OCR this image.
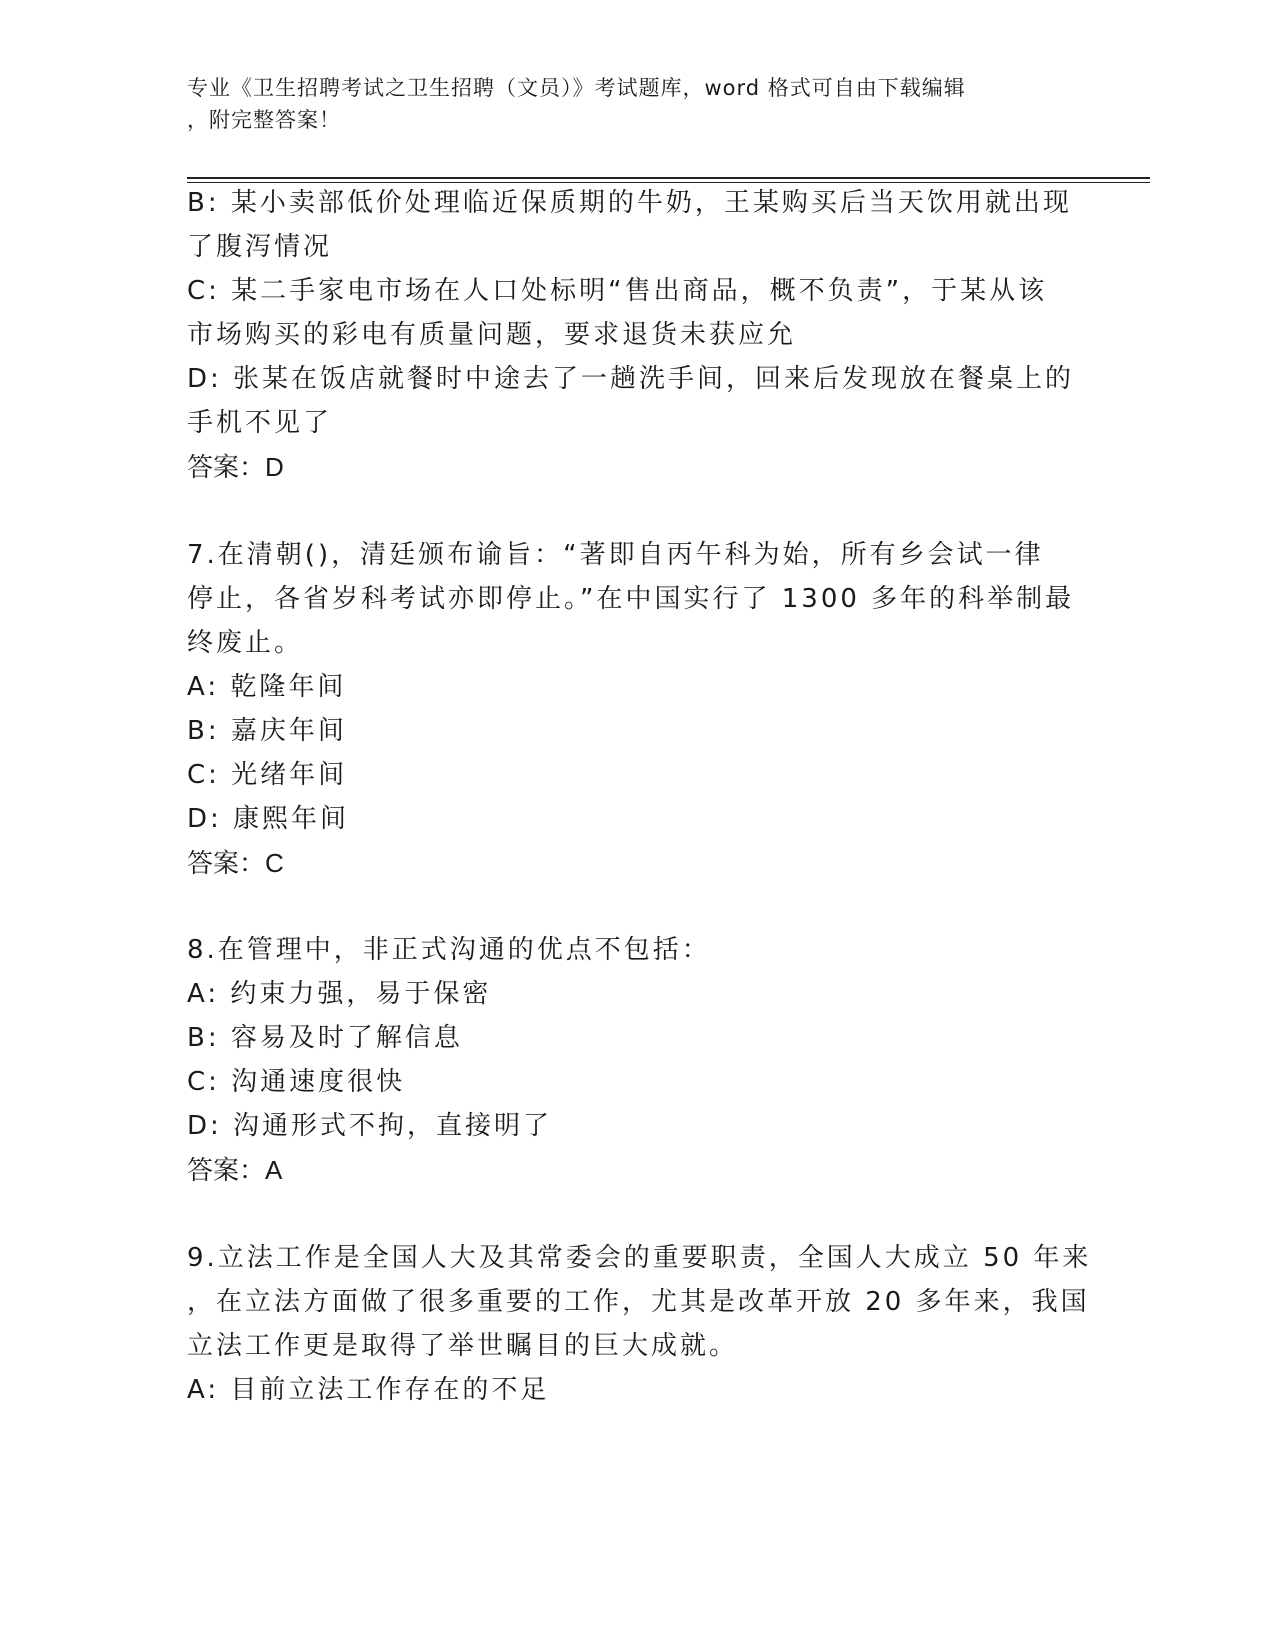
专业《卫生招聘考试之卫生招聘（文员）》考试题库，word 格式可自由下载编辑
，附完整答案！
B: 某小卖部低价处理临近保质期的牛奶，王某购买后当天饮用就出现
了腹泻情况
C: 某二手家电市场在人口处标明“售出商品，概不负责”，于某从该
市场购买的彩电有质量问题，要求退货未获应允
D: 张某在饭店就餐时中途去了一趟洗手间，回来后发现放在餐桌上的
手机不见了
答案：D
7.在清朝()，清廷颁布谕旨：“著即自丙午科为始，所有乡会试一律
停止，各省岁科考试亦即停止。”在中国实行了 1300 多年的科举制最
终废止。
A: 乾隆年间
B: 嘉庆年间
C: 光绪年间
D: 康熙年间
答案：C
8.在管理中，非正式沟通的优点不包括：
A: 约束力强，易于保密
B: 容易及时了解信息
C: 沟通速度很快
D: 沟通形式不拘，直接明了
答案：A
9.立法工作是全国人大及其常委会的重要职责，全国人大成立 50 年来
，在立法方面做了很多重要的工作，尤其是改革开放 20 多年来，我国
立法工作更是取得了举世瞩目的巨大成就。
A: 目前立法工作存在的不足
